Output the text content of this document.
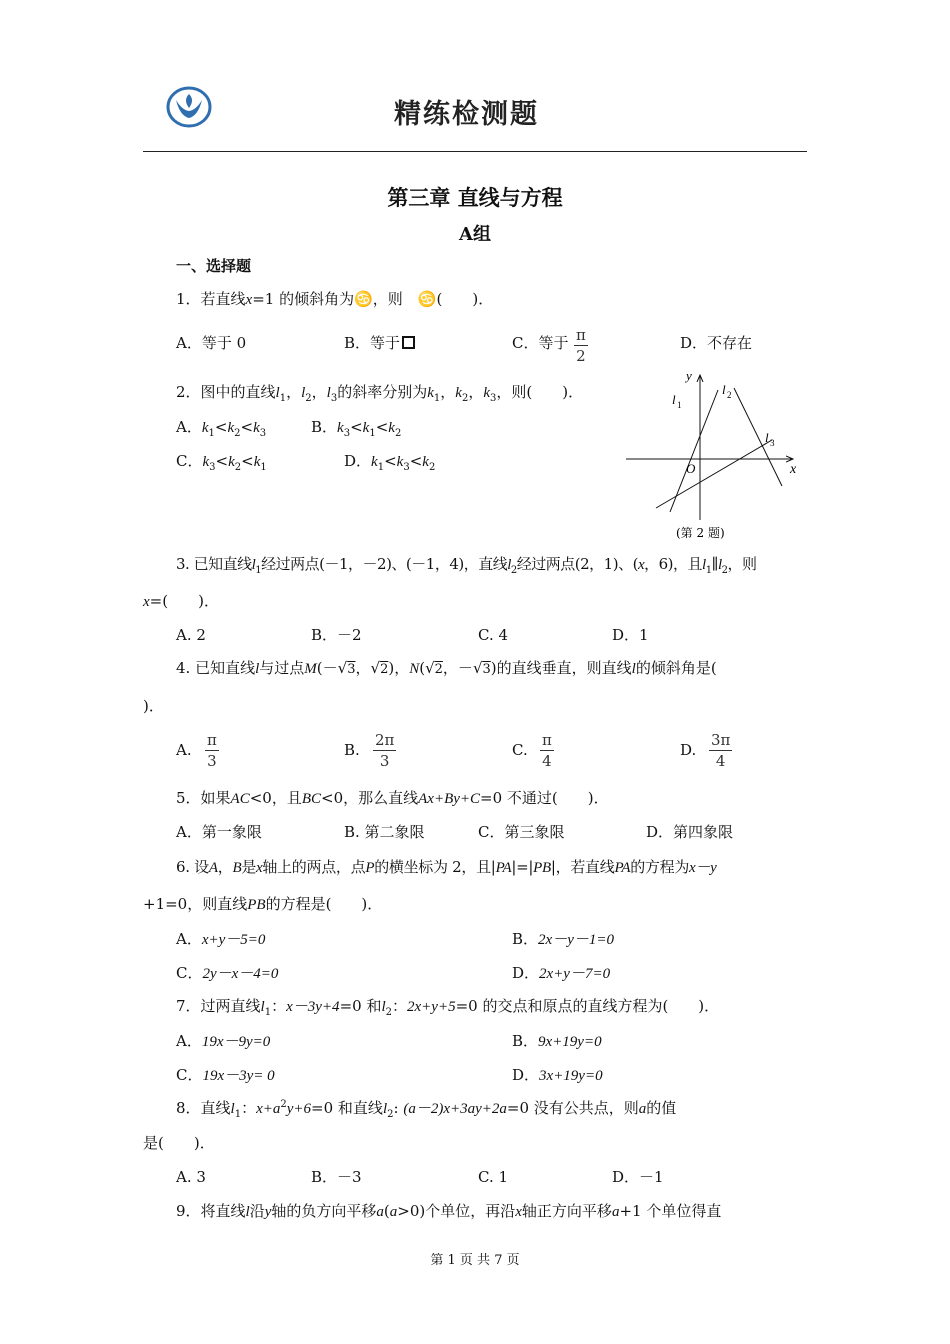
精练检测题
第三章 直线与方程
A组
一、选择题
1．若直线x=1 的倾斜角为♋，则　 ♋(　　)．
A．等于 0	B．等于	C．等于 $\frac{\pi}{2}$	D．不存在
2．图中的直线$l_1$，$l_2$，$l_3$的斜率分别为$k_1$，$k_2$，$k_3$，则(　　)．
A．$k_1<k_2<k_3$	B．$k_3<k_1<k_2$
C．$k_3<k_2<k_1$	D．$k_1<k_3<k_2$
y
x
O
l 1
l 2
l 3
(第 2 题)
3. 已知直线$l_1$经过两点(－1，－2)、(－1，4)，直线$l_2$经过两点(2，1)、(x，6)，且$l_1\parallel l_2$，则
x=(　　)．
A. 2	B．－2	C. 4	D．1
4. 已知直线l与过点M(－√3，√2)，N(√2，－√3)的直线垂直，则直线l的倾斜角是(
)．
A. $\frac{\pi}{3}$	B. $\frac{2\pi}{3}$	C. $\frac{\pi}{4}$	D. $\frac{3\pi}{4}$
5．如果AC<0，且BC<0，那么直线Ax+By+C=0 不通过(　　)．
A．第一象限	B. 第二象限	C．第三象限	D．第四象限
6. 设A，B是x轴上的两点，点P的横坐标为 2，且|PA|=|PB|，若直线PA的方程为x－y
+1=0，则直线PB的方程是(　　)．
A．x+y－5=0	B．2x－y－1=0
C．2y－x－4=0	D．2x+y－7=0
7．过两直线$l_1$：x－3y+4=0 和$l_2$：2x+y+5=0 的交点和原点的直线方程为(　　)．
A．19x－9y=0	B．9x+19y=0
C．19x－3y= 0	D．3x+19y=0
8．直线$l_1$：$x+a^2y+6=0$ 和直线$l_2$: (a－2)x+3ay+2a=0 没有公共点，则a的值
是(　　)．
A. 3	B．－3	C. 1	D．－1
9．将直线l沿y轴的负方向平移a(a>0)个单位，再沿x轴正方向平移a+1 个单位得直
第 1 页 共 7 页
